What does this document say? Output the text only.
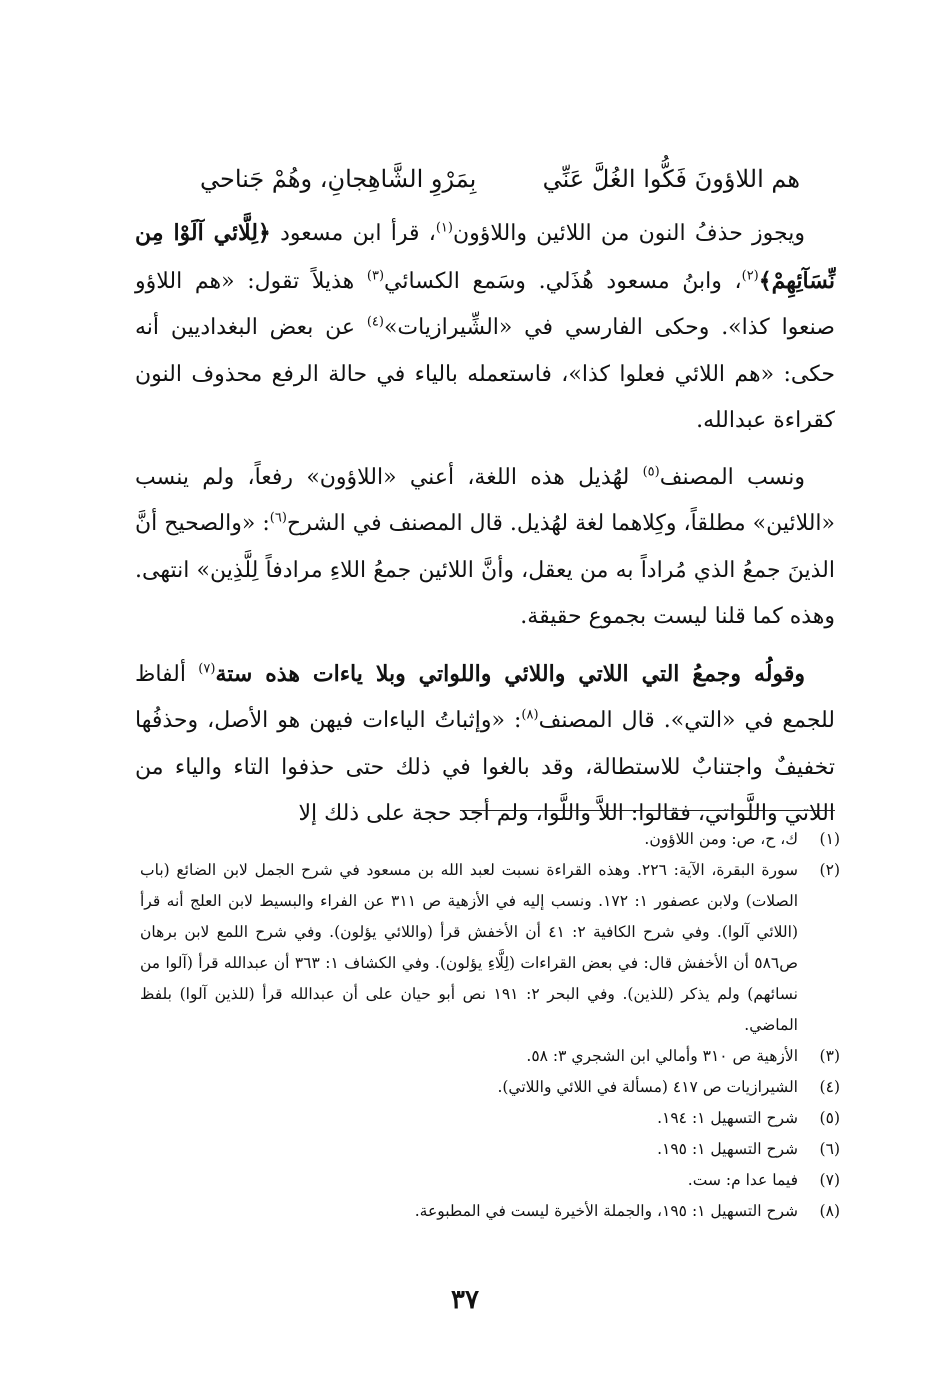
هم اللاؤونَ فَكُّوا الغُلَّ عَنِّي
بِمَرْوِ الشَّاهِجانِ، وهُمْ جَناحي

ويجوز حذفُ النون من اللائين واللاؤون$^{(١)}$، قرأ ابن مسعود ﴿لِلَّائي آلَوْا مِن نِّسَآئِهِمْ﴾$^{(٢)}$، وابنُ مسعود هُذَلي. وسَمع الكسائي$^{(٣)}$ هذيلاً تقول: «هم اللاؤو صنعوا كذا». وحكى الفارسي في «الشِّيرازيات»$^{(٤)}$ عن بعض البغداديين أنه حكى: «هم اللائي فعلوا كذا»، فاستعمله بالياء في حالة الرفع محذوف النون كقراءة عبدالله.

ونسب المصنف$^{(٥)}$ لهُذيل هذه اللغة، أعني «اللاؤون» رفعاً، ولم ينسب «اللائين» مطلقاً، وكِلاهما لغة لهُذيل. قال المصنف في الشرح$^{(٦)}$: «والصحيح أنَّ الذينَ جمعُ الذي مُراداً به من يعقل، وأنَّ اللائين جمعُ اللاءِ مرادفاً لِلَّذِين» انتهى. وهذه كما قلنا ليست بجموع حقيقة.

وقولُه وجمعُ التي اللاتي واللائي واللواتي وبلا ياءات هذه ستة$^{(٧)}$ ألفاظ للجمع في «التي». قال المصنف$^{(٨)}$: «وإثباتُ الياءات فيهن هو الأصل، وحذفُها تخفيفٌ واجتنابٌ للاستطالة، وقد بالغوا في ذلك حتى حذفوا التاء والياء من اللاتي واللَّواتي، فقالوا: اللاَّ واللَّوا، ولم أجد حجة على ذلك إلا

(١)
ك، ح، ص: ومن اللاؤون.
(٢)
سورة البقرة، الآية: ٢٢٦. وهذه القراءة نسبت لعبد الله بن مسعود في شرح الجمل لابن الضائع (باب الصلات) ولابن عصفور ١: ١٧٢. ونسب إليه في الأزهية ص ٣١١ عن الفراء والبسيط لابن العلج أنه قرأ (اللائي آلوا). وفي شرح الكافية ٢: ٤١ أن الأخفش قرأ (واللائي يؤلون). وفي شرح اللمع لابن برهان ص٥٨٦ أن الأخفش قال: في بعض القراءات (لِلَّاءِ يؤلون). وفي الكشاف ١: ٣٦٣ أن عبدالله قرأ (آلوا من نسائهم) ولم يذكر (للذين). وفي البحر ٢: ١٩١ نص أبو حيان على أن عبدالله قرأ (للذين آلوا) بلفظ الماضي.
(٣)
الأزهية ص ٣١٠ وأمالي ابن الشجري ٣: ٥٨.
(٤)
الشيرازيات ص ٤١٧ (مسألة في اللائي واللاتي).
(٥)
شرح التسهيل ١: ١٩٤.
(٦)
شرح التسهيل ١: ١٩٥.
(٧)
فيما عدا م: ست.
(٨)
شرح التسهيل ١: ١٩٥، والجملة الأخيرة ليست في المطبوعة.
٣٧
